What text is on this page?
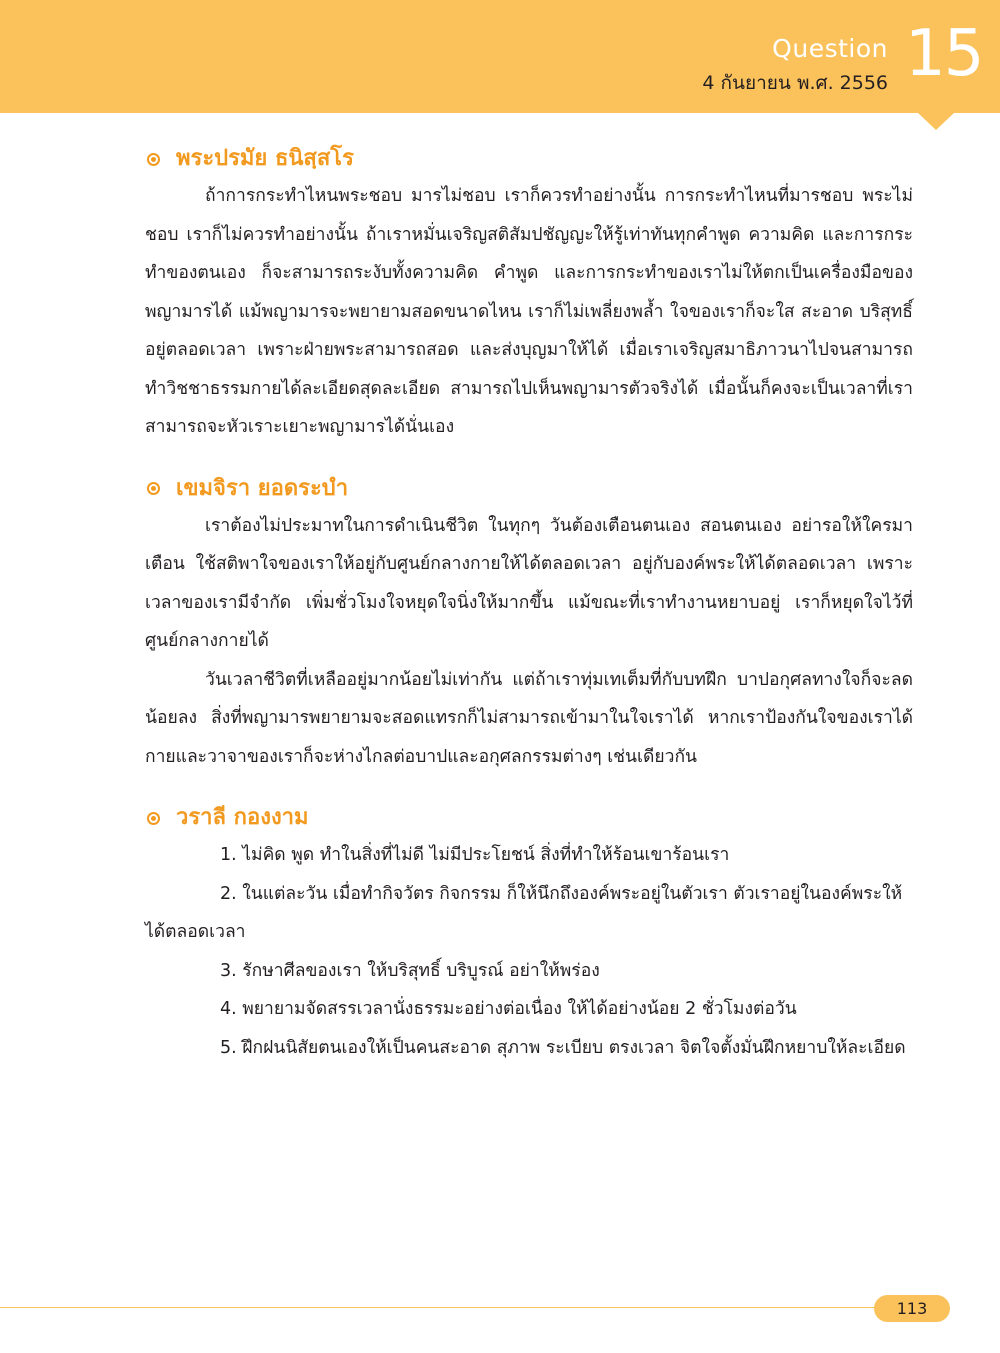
Question
4 กันยายน พ.ศ. 2556 15
พระปรมัย ธนิสฺสโร

ถ้าการกระทำไหนพระชอบ มารไม่ชอบ เราก็ควรทำอย่างนั้น การกระทำไหนที่มารชอบ พระไม่ชอบ เราก็ไม่ควรทำอย่างนั้น ถ้าเราหมั่นเจริญสติสัมปชัญญะให้รู้เท่าทันทุกคำพูด ความคิด และการกระทำของตนเอง ก็จะสามารถระงับทั้งความคิด คำพูด และการกระทำของเราไม่ให้ตกเป็นเครื่องมือของพญามารได้ แม้พญามารจะพยายามสอดขนาดไหน เราก็ไม่เพลี่ยงพล้ำ ใจของเราก็จะใส สะอาด บริสุทธิ์อยู่ตลอดเวลา เพราะฝ่ายพระสามารถสอด และส่งบุญมาให้ได้ เมื่อเราเจริญสมาธิภาวนาไปจนสามารถทำวิชชาธรรมกายได้ละเอียดสุดละเอียด สามารถไปเห็นพญามารตัวจริงได้ เมื่อนั้นก็คงจะเป็นเวลาที่เราสามารถจะหัวเราะเยาะพญามารได้นั่นเอง

เขมจิรา ยอดระบำ

เราต้องไม่ประมาทในการดำเนินชีวิต ในทุกๆ วันต้องเตือนตนเอง สอนตนเอง อย่ารอให้ใครมาเตือน ใช้สติพาใจของเราให้อยู่กับศูนย์กลางกายให้ได้ตลอดเวลา อยู่กับองค์พระให้ได้ตลอดเวลา เพราะเวลาของเรามีจำกัด เพิ่มชั่วโมงใจหยุดใจนิ่งให้มากขึ้น แม้ขณะที่เราทำงานหยาบอยู่ เราก็หยุดใจไว้ที่ศูนย์กลางกายได้

วันเวลาชีวิตที่เหลืออยู่มากน้อยไม่เท่ากัน แต่ถ้าเราทุ่มเทเต็มที่กับบทฝึก บาปอกุศลทางใจก็จะลดน้อยลง สิ่งที่พญามารพยายามจะสอดแทรกก็ไม่สามารถเข้ามาในใจเราได้ หากเราป้องกันใจของเราได้ กายและวาจาของเราก็จะห่างไกลต่อบาปและอกุศลกรรมต่างๆ เช่นเดียวกัน

วราลี กองงาม

1. ไม่คิด พูด ทำในสิ่งที่ไม่ดี ไม่มีประโยชน์ สิ่งที่ทำให้ร้อนเขาร้อนเรา

2. ในแต่ละวัน เมื่อทำกิจวัตร กิจกรรม ก็ให้นึกถึงองค์พระอยู่ในตัวเรา ตัวเราอยู่ในองค์พระให้ได้ตลอดเวลา

3. รักษาศีลของเรา ให้บริสุทธิ์ บริบูรณ์ อย่าให้พร่อง

4. พยายามจัดสรรเวลานั่งธรรมะอย่างต่อเนื่อง ให้ได้อย่างน้อย 2 ชั่วโมงต่อวัน

5. ฝึกฝนนิสัยตนเองให้เป็นคนสะอาด สุภาพ ระเบียบ ตรงเวลา จิตใจตั้งมั่นฝึกหยาบให้ละเอียด

113
